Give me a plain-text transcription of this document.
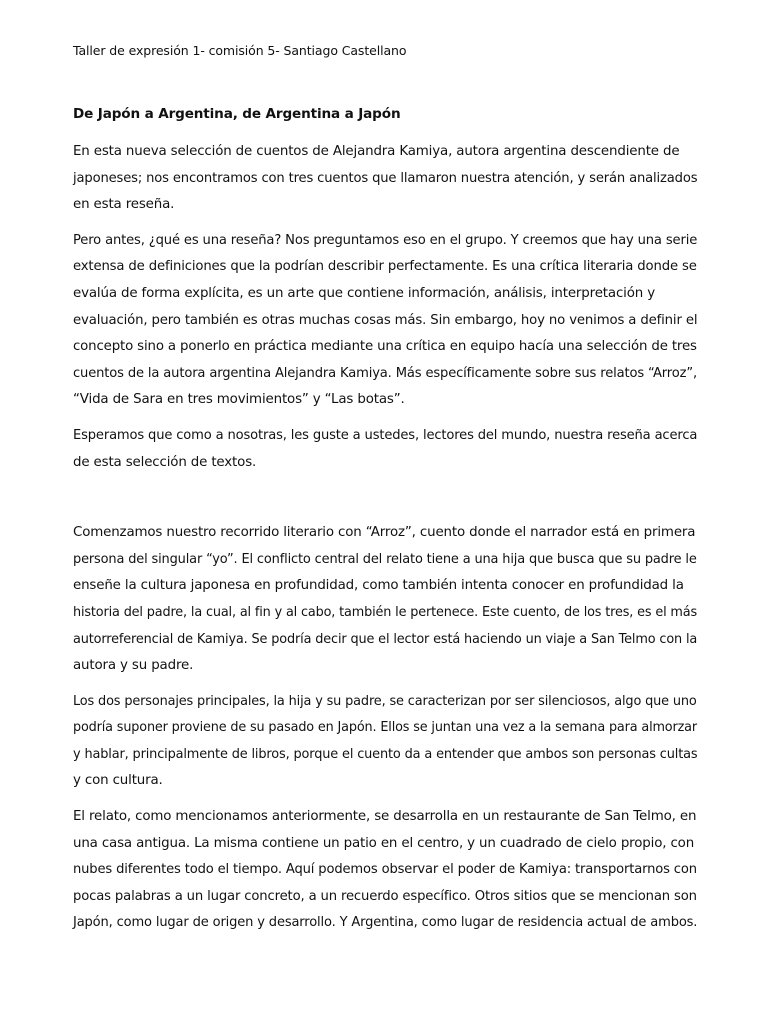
Taller de expresión 1- comisión 5- Santiago Castellano
De Japón a Argentina, de Argentina a Japón

En esta nueva selección de cuentos de Alejandra Kamiya, autora argentina descendiente de
japoneses; nos encontramos con tres cuentos que llamaron nuestra atención, y serán analizados
en esta reseña.

Pero antes, ¿qué es una reseña? Nos preguntamos eso en el grupo. Y creemos que hay una serie
extensa de definiciones que la podrían describir perfectamente. Es una crítica literaria donde se
evalúa de forma explícita, es un arte que contiene información, análisis, interpretación y
evaluación, pero también es otras muchas cosas más. Sin embargo, hoy no venimos a definir el
concepto sino a ponerlo en práctica mediante una crítica en equipo hacía una selección de tres
cuentos de la autora argentina Alejandra Kamiya. Más específicamente sobre sus relatos “Arroz”,
“Vida de Sara en tres movimientos” y “Las botas”.

Esperamos que como a nosotras, les guste a ustedes, lectores del mundo, nuestra reseña acerca
de esta selección de textos.

Comenzamos nuestro recorrido literario con “Arroz”, cuento donde el narrador está en primera
persona del singular “yo”. El conflicto central del relato tiene a una hija que busca que su padre le
enseñe la cultura japonesa en profundidad, como también intenta conocer en profundidad la
historia del padre, la cual, al fin y al cabo, también le pertenece. Este cuento, de los tres, es el más
autorreferencial de Kamiya. Se podría decir que el lector está haciendo un viaje a San Telmo con la
autora y su padre.

Los dos personajes principales, la hija y su padre, se caracterizan por ser silenciosos, algo que uno
podría suponer proviene de su pasado en Japón. Ellos se juntan una vez a la semana para almorzar
y hablar, principalmente de libros, porque el cuento da a entender que ambos son personas cultas
y con cultura.

El relato, como mencionamos anteriormente, se desarrolla en un restaurante de San Telmo, en
una casa antigua. La misma contiene un patio en el centro, y un cuadrado de cielo propio, con
nubes diferentes todo el tiempo. Aquí podemos observar el poder de Kamiya: transportarnos con
pocas palabras a un lugar concreto, a un recuerdo específico. Otros sitios que se mencionan son
Japón, como lugar de origen y desarrollo. Y Argentina, como lugar de residencia actual de ambos.
